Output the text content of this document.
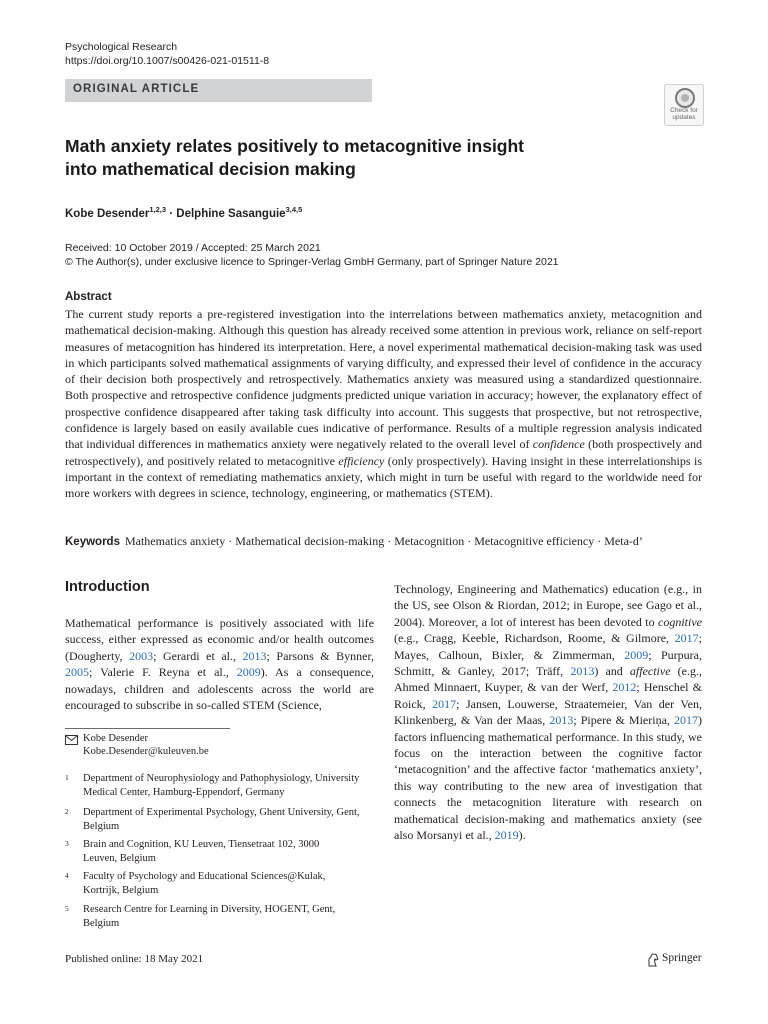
Psychological Research
https://doi.org/10.1007/s00426-021-01511-8
ORIGINAL ARTICLE
Check for updates
Math anxiety relates positively to metacognitive insight
into mathematical decision making
Kobe Desender$^{1,2,3}$ · Delphine Sasanguie$^{3,4,5}$
Received: 10 October 2019 / Accepted: 25 March 2021
© The Author(s), under exclusive licence to Springer-Verlag GmbH Germany, part of Springer Nature 2021
Abstract
The current study reports a pre-registered investigation into the interrelations between mathematics anxiety, metacognition and mathematical decision-making. Although this question has already received some attention in previous work, reliance on self-report measures of metacognition has hindered its interpretation. Here, a novel experimental mathematical decision-making task was used in which participants solved mathematical assignments of varying difficulty, and expressed their level of confidence in the accuracy of their decision both prospectively and retrospectively. Mathematics anxiety was measured using a standardized questionnaire. Both prospective and retrospective confidence judgments predicted unique variation in accuracy; however, the explanatory effect of prospective confidence disappeared after taking task difficulty into account. This suggests that prospective, but not retrospective, confidence is largely based on easily available cues indicative of performance. Results of a multiple regression analysis indicated that individual differences in mathematics anxiety were negatively related to the overall level of confidence (both prospectively and retrospectively), and positively related to metacognitive efficiency (only prospectively). Having insight in these interrelationships is important in the context of remediating mathematics anxiety, which might in turn be useful with regard to the worldwide need for more workers with degrees in science, technology, engineering, or mathematics (STEM).
Keywords Mathematics anxiety · Mathematical decision-making · Metacognition · Metacognitive efficiency · Meta-d’
Introduction
Mathematical performance is positively associated with life success, either expressed as economic and/or health outcomes (Dougherty, 2003; Gerardi et al., 2013; Parsons & Bynner, 2005; Valerie F. Reyna et al., 2009). As a consequence, nowadays, children and adolescents across the world are encouraged to subscribe in so-called STEM (Science,
Technology, Engineering and Mathematics) education (e.g., in the US, see Olson & Riordan, 2012; in Europe, see Gago et al., 2004). Moreover, a lot of interest has been devoted to cognitive (e.g., Cragg, Keeble, Richardson, Roome, & Gilmore, 2017; Mayes, Calhoun, Bixler, & Zimmerman, 2009; Purpura, Schmitt, & Ganley, 2017; Träff, 2013) and affective (e.g., Ahmed Minnaert, Kuyper, & van der Werf, 2012; Henschel & Roick, 2017; Jansen, Louwerse, Straatemeier, Van der Ven, Klinkenberg, & Van der Maas, 2013; Pipere & Mieriņa, 2017) factors influencing mathematical performance. In this study, we focus on the interaction between the cognitive factor ‘metacognition’ and the affective factor ‘mathematics anxiety’, this way contributing to the new area of investigation that connects the metacognition literature with research on mathematical decision-making and mathematics anxiety (see also Morsanyi et al., 2019).
Kobe Desender
Kobe.Desender@kuleuven.be
1 Department of Neurophysiology and Pathophysiology, University Medical Center, Hamburg-Eppendorf, Germany
2 Department of Experimental Psychology, Ghent University, Gent, Belgium
3 Brain and Cognition, KU Leuven, Tiensetraat 102, 3000 Leuven, Belgium
4 Faculty of Psychology and Educational Sciences@Kulak, Kortrijk, Belgium
5 Research Centre for Learning in Diversity, HOGENT, Gent, Belgium
Published online: 18 May 2021	Springer
